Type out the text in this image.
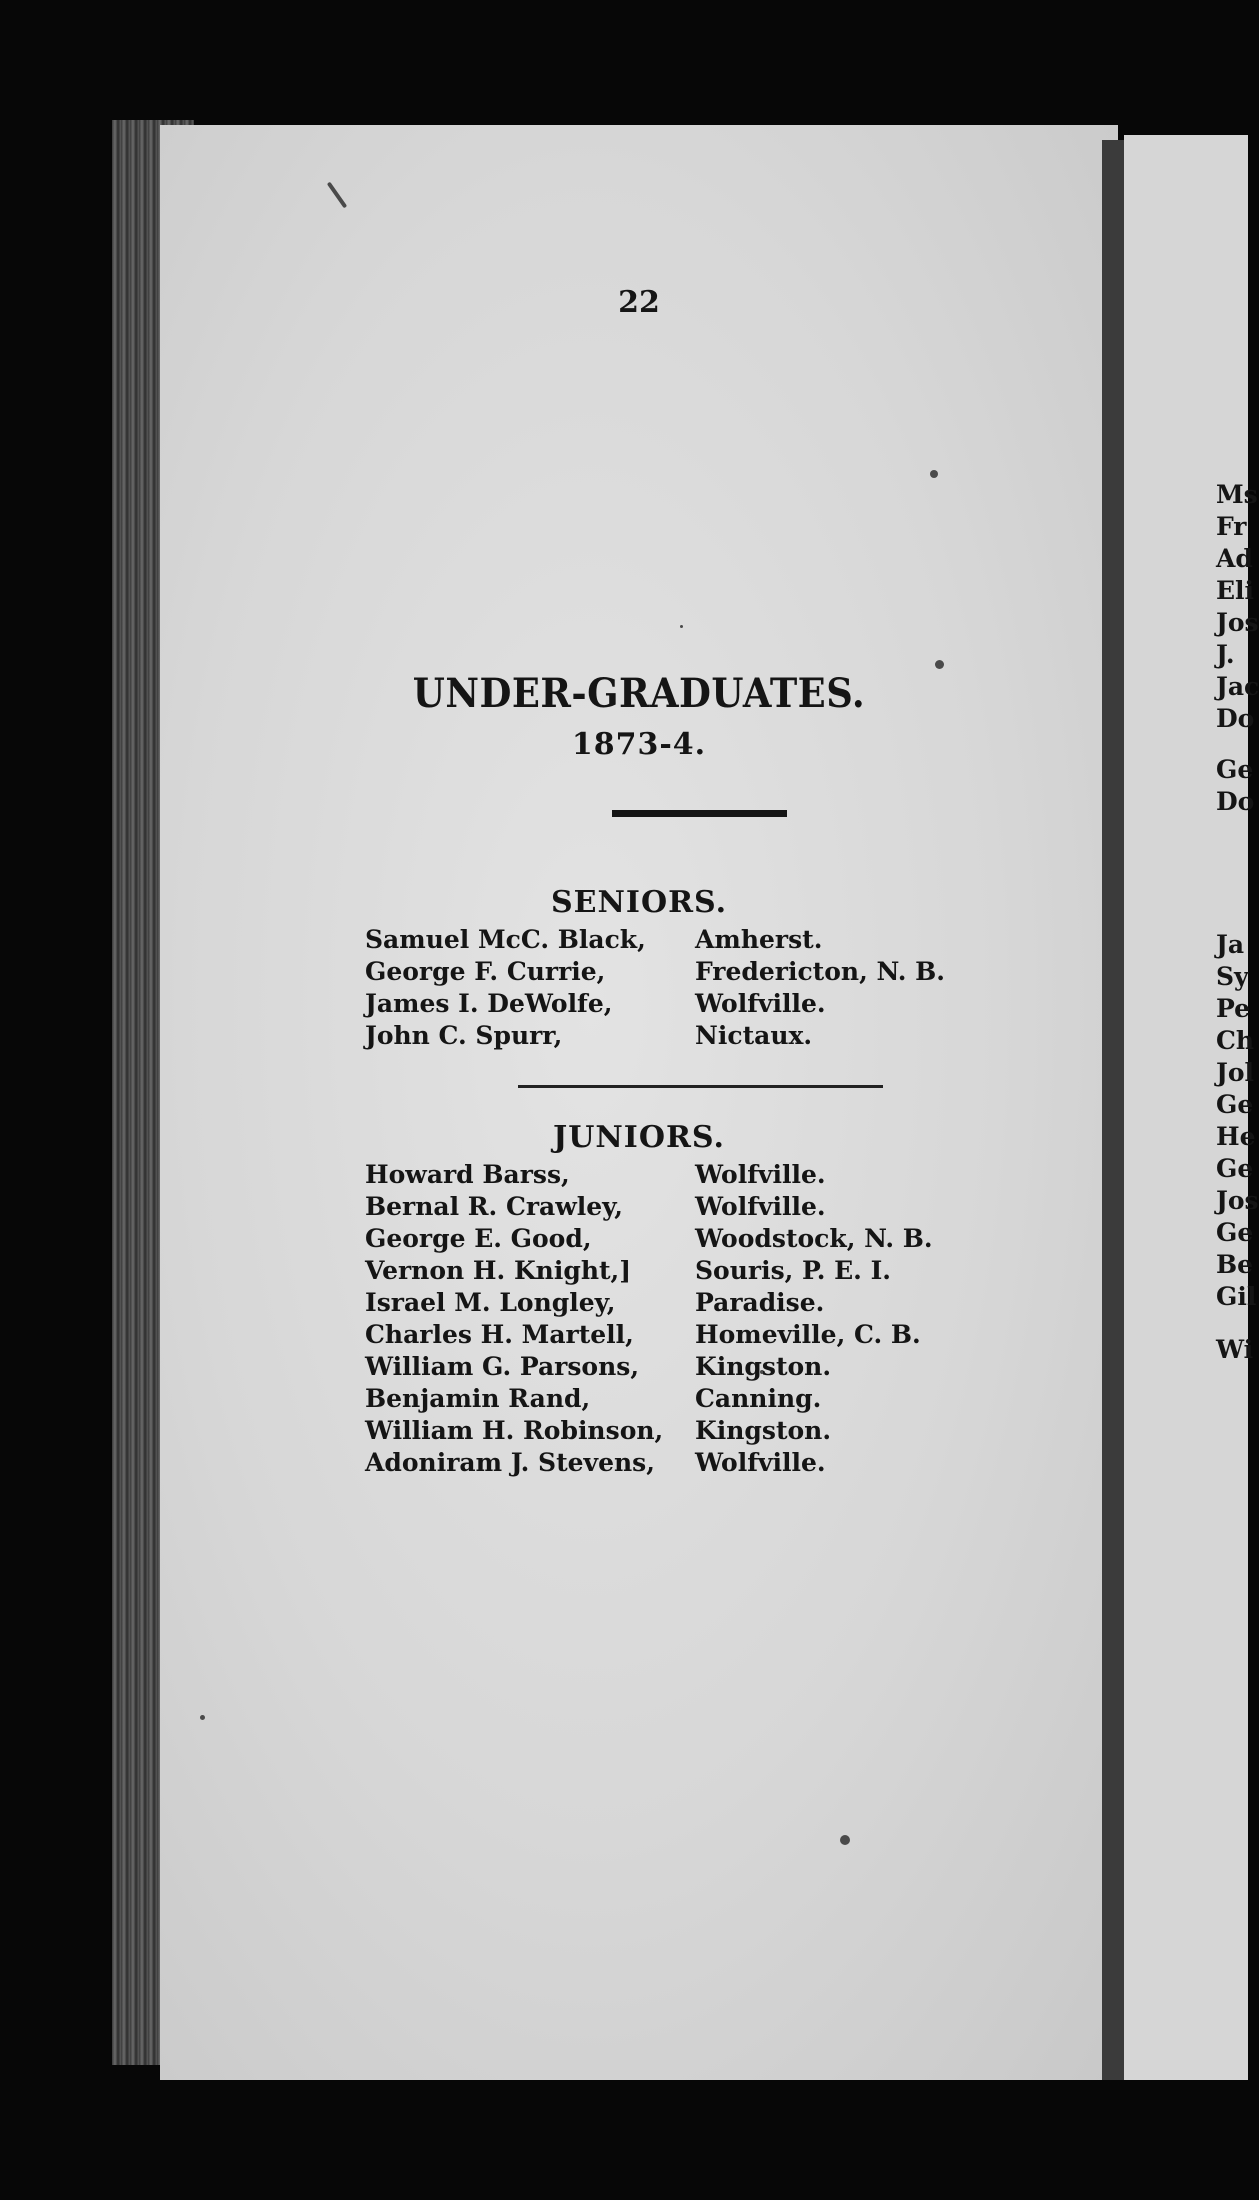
22
UNDER-GRADUATES.
1873-4.
SENIORS.
Samuel McC. Black, Amherst.
George F. Currie,	Fredericton, N. B.
James I. DeWolfe,	Wolfville.
John C. Spurr,	Nictaux.
JUNIORS.
Howard Barss,	Wolfville.
Bernal R. Crawley,	Wolfville.
George E. Good,	Woodstock, N. B.
Vernon H. Knight,]	Souris, P. E. I.
Israel M. Longley,	Paradise.
Charles H. Martell, Homeville, C. B.
William G. Parsons, Kingston.
Benjamin Rand,	Canning.
William H. Robinson, Kingston.
Adoniram J. Stevens, Wolfville.
Ms
Fr
Ad
Eli
Jos
J.
Jac
Do
Ge
Do
Ja
Sy
Pe
Ch
Jol
Ge
He
Ge
Jos
Ge
Be
Gil
Wi
